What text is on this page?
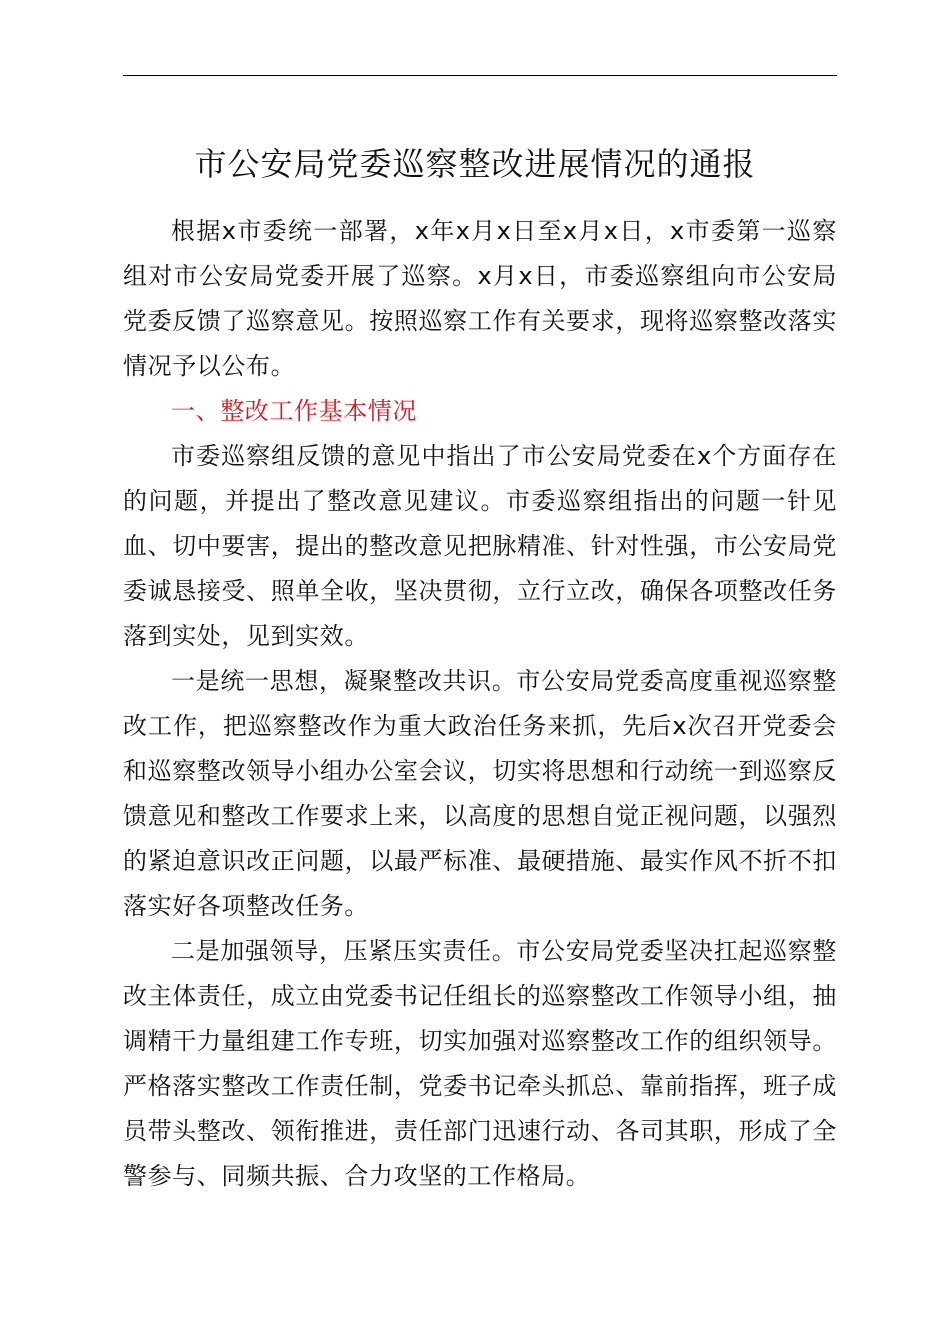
市公安局党委巡察整改进展情况的通报

根据x市委统一部署，x年x月x日至x月x日，x市委第一巡察组对市公安局党委开展了巡察。x月x日，市委巡察组向市公安局党委反馈了巡察意见。按照巡察工作有关要求，现将巡察整改落实情况予以公布。

一、整改工作基本情况

市委巡察组反馈的意见中指出了市公安局党委在x个方面存在的问题，并提出了整改意见建议。市委巡察组指出的问题一针见血、切中要害，提出的整改意见把脉精准、针对性强，市公安局党委诚恳接受、照单全收，坚决贯彻，立行立改，确保各项整改任务落到实处，见到实效。

一是统一思想，凝聚整改共识。市公安局党委高度重视巡察整改工作，把巡察整改作为重大政治任务来抓，先后x次召开党委会和巡察整改领导小组办公室会议，切实将思想和行动统一到巡察反馈意见和整改工作要求上来，以高度的思想自觉正视问题，以强烈的紧迫意识改正问题，以最严标准、最硬措施、最实作风不折不扣落实好各项整改任务。

二是加强领导，压紧压实责任。市公安局党委坚决扛起巡察整改主体责任，成立由党委书记任组长的巡察整改工作领导小组，抽调精干力量组建工作专班，切实加强对巡察整改工作的组织领导。严格落实整改工作责任制，党委书记牵头抓总、靠前指挥，班子成员带头整改、领衔推进，责任部门迅速行动、各司其职，形成了全警参与、同频共振、合力攻坚的工作格局。
